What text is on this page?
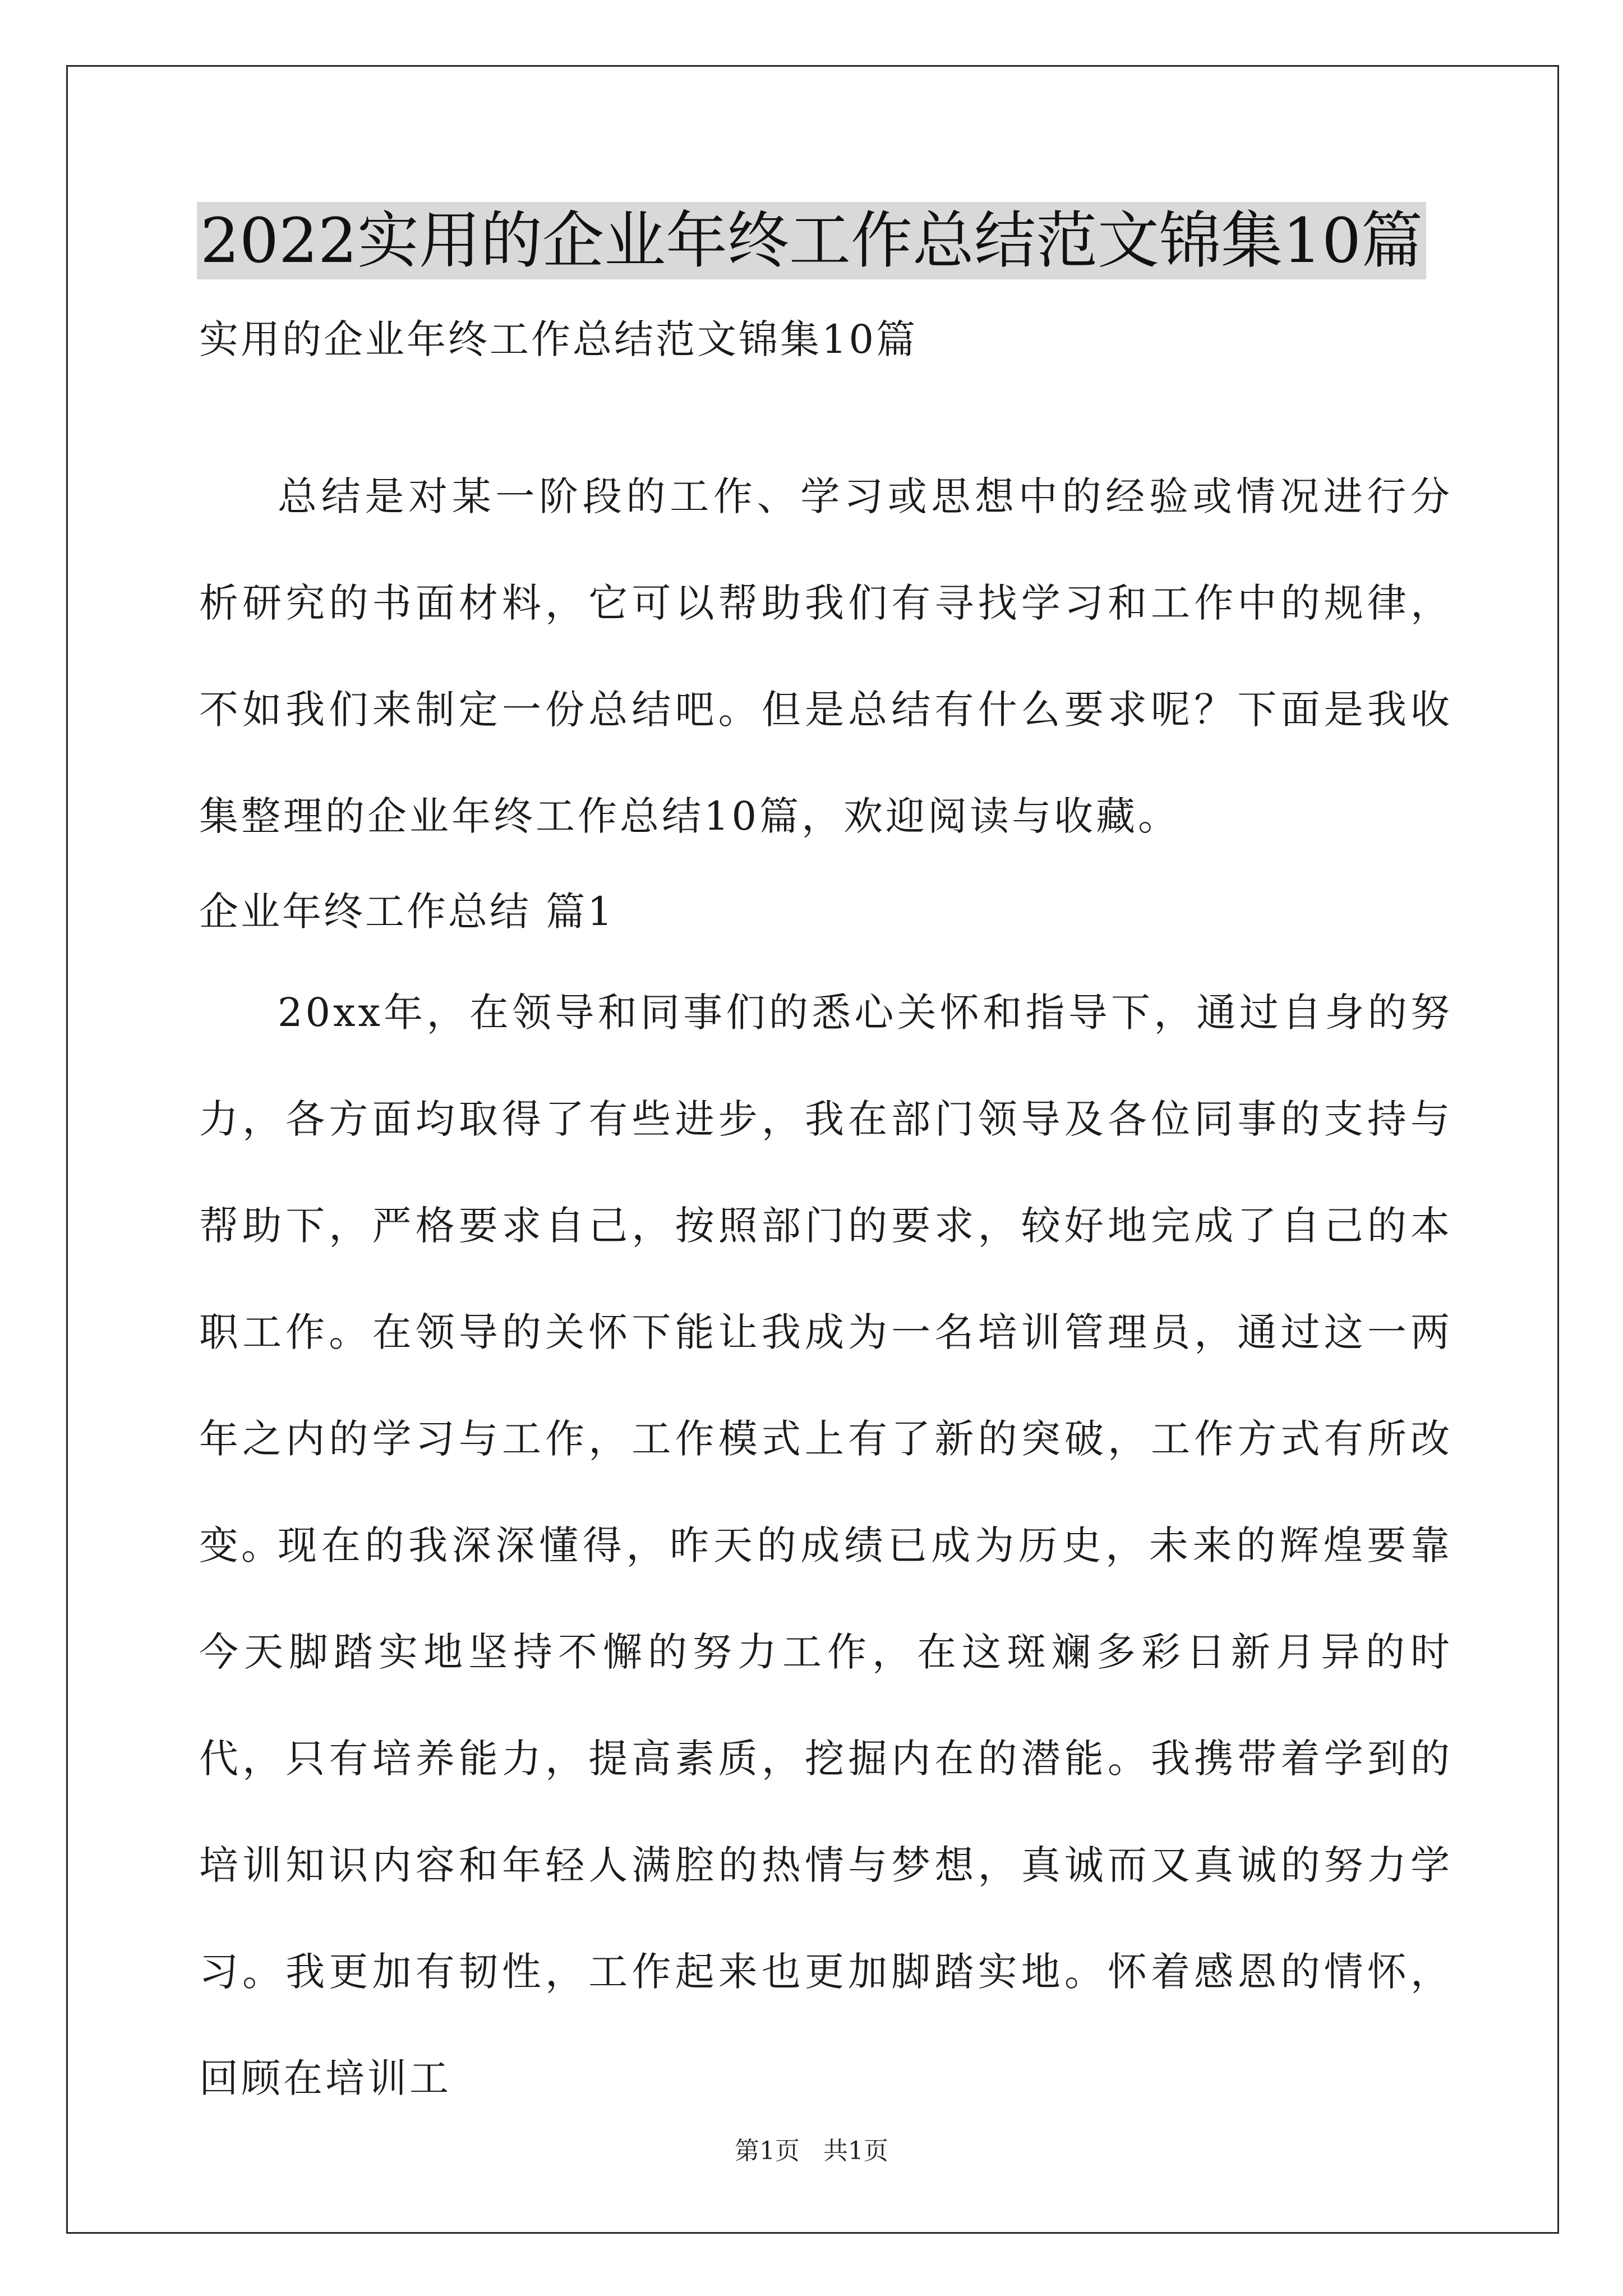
2022实用的企业年终工作总结范文锦集10篇
实用的企业年终工作总结范文锦集10篇

总结是对某一阶段的工作、学习或思想中的经验或情况进行分析研究的书面材料，它可以帮助我们有寻找学习和工作中的规律，不如我们来制定一份总结吧。但是总结有什么要求呢？下面是我收集整理的企业年终工作总结10篇，欢迎阅读与收藏。

企业年终工作总结 篇1

20xx年，在领导和同事们的悉心关怀和指导下，通过自身的努力，各方面均取得了有些进步，我在部门领导及各位同事的支持与帮助下，严格要求自己，按照部门的要求，较好地完成了自己的本职工作。在领导的关怀下能让我成为一名培训管理员，通过这一两年之内的学习与工作，工作模式上有了新的突破，工作方式有所改变。

现在的我深深懂得，昨天的成绩已成为历史，未来的辉煌要靠今天脚踏实地坚持不懈的努力工作，在这斑斓多彩日新月异的时代，只有培养能力，提高素质，挖掘内在的潜能。我携带着学到的培训知识内容和年轻人满腔的热情与梦想，真诚而又真诚的努力学习。我更加有韧性，工作起来也更加脚踏实地。怀着感恩的情怀，回顾在培训工

第1页 共1页
